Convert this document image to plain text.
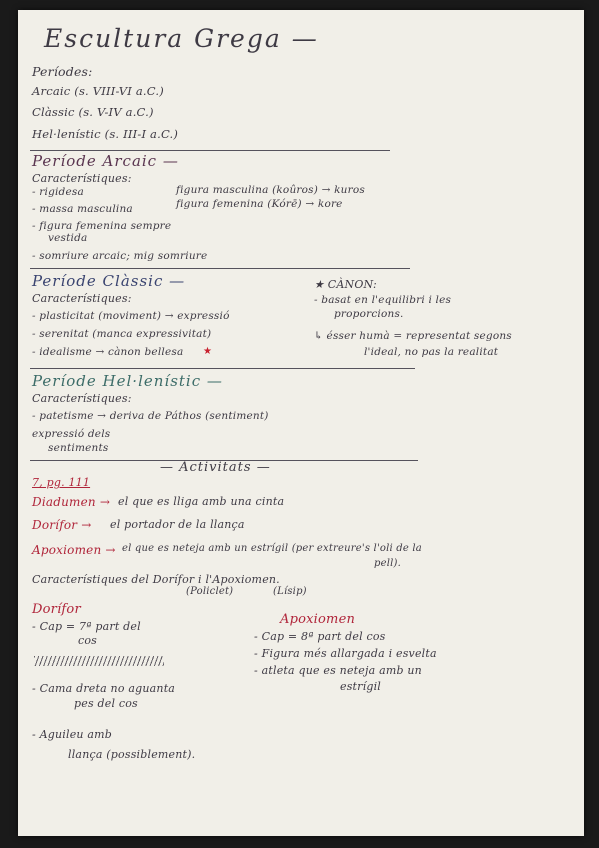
Escultura Grega —
Períodes:
Arcaic (s. VIII-VI a.C.)
Clàssic (s. V-IV a.C.)
Hel·lenístic (s. III-I a.C.)
Període Arcaic —
Característiques:
- rigidesa
- massa masculina
- figura femenina sempre
vestida
- somriure arcaic; mig somriure
figura masculina (koûros) → kuros
figura femenina (Kórē) → kore
Període Clàssic —
Característiques:
- plasticitat (moviment) → expressió
- serenitat (manca expressivitat)
- idealisme → cànon bellesa ★
★ CÀNON:
- basat en l'equilibri i les
proporcions.
↳ ésser humà = representat segons
l'ideal, no pas la realitat
Període Hel·lenístic —
Característiques:
- patetisme → deriva de Páthos (sentiment)
expressió dels
sentiments
— Activitats —
7, pg. 111
Diadumen → el que es lliga amb una cinta
Dorífor → el portador de la llança
Apoxiomen → el que es neteja amb un estrígil (per extreure's l'oli de la
pell).
Característiques del Dorífor i l'Apoxiomen.
(Policlet)	(Lísip)
Dorífor
- Cap = 7ª part del
cos
- Cama dreta no aguanta
pes del cos
- Aguileu amb
llança (possiblement).
Apoxiomen
- Cap = 8ª part del cos
- Figura més allargada i esvelta
- atleta que es neteja amb un
estrígil
